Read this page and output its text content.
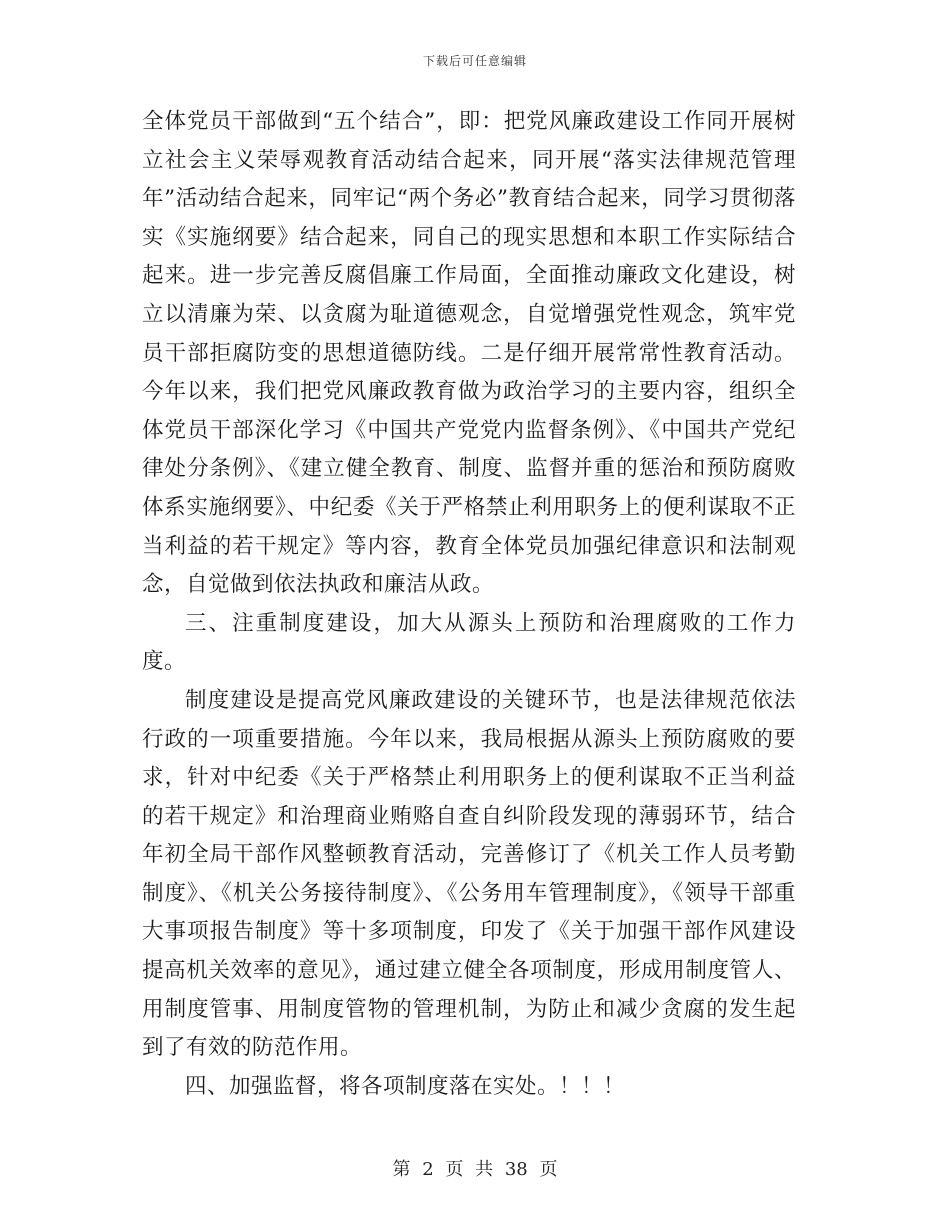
下载后可任意编辑

全体党员干部做到“五个结合”，即：把党风廉政建设工作同开展树立社会主义荣辱观教育活动结合起来，同开展“落实法律规范管理年”活动结合起来，同牢记“两个务必”教育结合起来，同学习贯彻落实《实施纲要》结合起来，同自己的现实思想和本职工作实际结合起来。进一步完善反腐倡廉工作局面，全面推动廉政文化建设，树立以清廉为荣、以贪腐为耻道德观念，自觉增强党性观念，筑牢党员干部拒腐防变的思想道德防线。二是仔细开展常常性教育活动。今年以来，我们把党风廉政教育做为政治学习的主要内容，组织全体党员干部深化学习《中国共产党党内监督条例》、《中国共产党纪律处分条例》、《建立健全教育、制度、监督并重的惩治和预防腐败体系实施纲要》、中纪委《关于严格禁止利用职务上的便利谋取不正当利益的若干规定》等内容，教育全体党员加强纪律意识和法制观念，自觉做到依法执政和廉洁从政。

三、注重制度建设，加大从源头上预防和治理腐败的工作力度。

制度建设是提高党风廉政建设的关键环节，也是法律规范依法行政的一项重要措施。今年以来，我局根据从源头上预防腐败的要求，针对中纪委《关于严格禁止利用职务上的便利谋取不正当利益的若干规定》和治理商业贿赂自查自纠阶段发现的薄弱环节，结合年初全局干部作风整顿教育活动，完善修订了《机关工作人员考勤制度》、《机关公务接待制度》、《公务用车管理制度》，《领导干部重大事项报告制度》等十多项制度，印发了《关于加强干部作风建设提高机关效率的意见》，通过建立健全各项制度，形成用制度管人、用制度管事、用制度管物的管理机制，为防止和减少贪腐的发生起到了有效的防范作用。

四、加强监督，将各项制度落在实处。！！！

第 2 页 共 38 页
